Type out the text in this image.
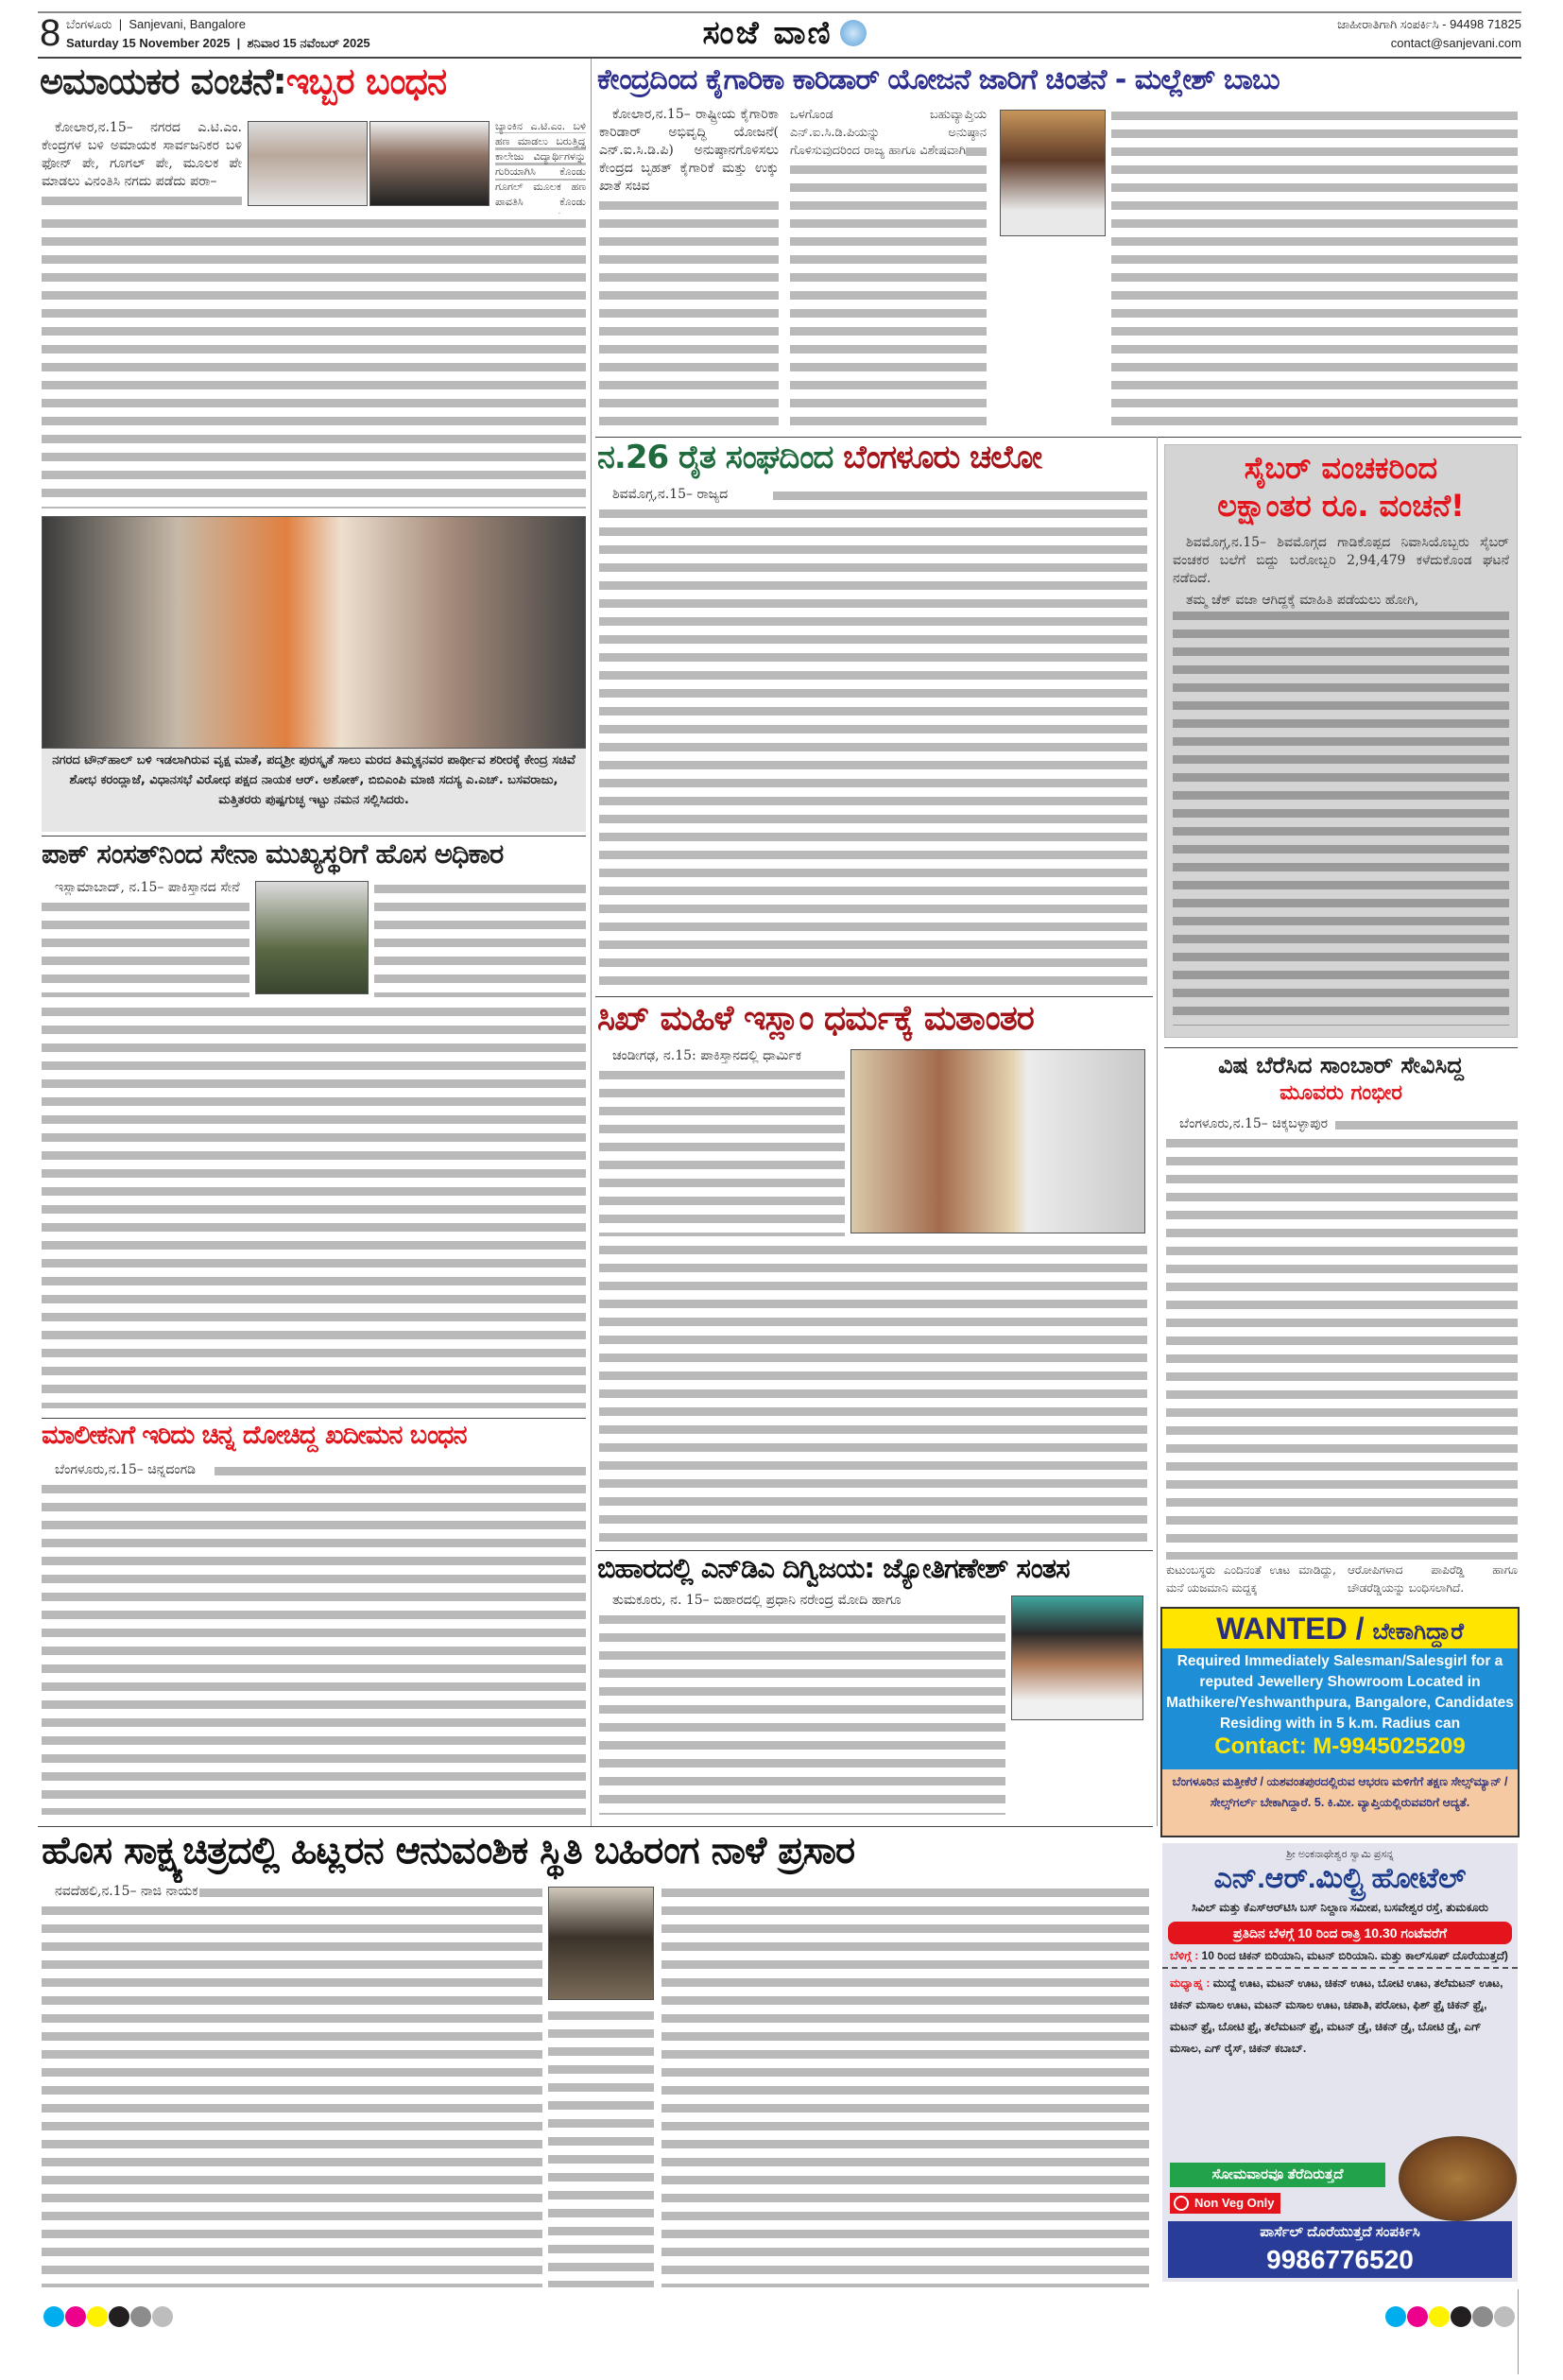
8 ಬೆಂಗಳೂರು  |  Sanjevani, Bangalore
Saturday 15 November 2025  |  ಶನಿವಾರ 15 ನವೆಂಬರ್ 2025	ಸಂಜೆ ವಾಣಿ	ಜಾಹೀರಾತಿಗಾಗಿ ಸಂಪರ್ಕಿಸಿ - 94498 71825
contact@sanjevani.com
ಅಮಾಯಕರ ವಂಚನೆ:ಇಬ್ಬರ ಬಂಧನ
ಕೋಲಾರ,ನ.15– ನಗರದ ಎ.ಟಿ.ಎಂ. ಕೇಂದ್ರಗಳ ಬಳಿ ಅಮಾಯಕ ಸಾರ್ವಜನಿಕರ ಬಳಿ ಫೋನ್ ಪೇ, ಗೂಗಲ್ ಪೇ, ಮೂಲಕ ಪೇ ಮಾಡಲು ವಿನಂತಿಸಿ ನಗದು ಪಡೆದು ಪರಾ–
ಬ್ಯಾಂಕಿನ ಎ.ಟಿ.ಎಂ. ಬಳಿ ಹಣ ಮಾಡಲು ಬರುತ್ತಿದ್ದ ಕಾಲೇಜು ವಿದ್ಯಾರ್ಥಿಗಳನ್ನು ಗುರಿಯಾಗಿಸಿ ಕೊಂಡು ಗೂಗಲ್ ಮೂಲಕ ಹಣ ಪಾವತಿಸಿ ಕೊಂಡು
ನಗರದ ಟೌನ್‌ಹಾಲ್ ಬಳಿ ಇಡಲಾಗಿರುವ ವೃಕ್ಷ ಮಾತೆ, ಪದ್ಮಶ್ರೀ ಪುರಸ್ಕೃತೆ ಸಾಲು ಮರದ ತಿಮ್ಮಕ್ಕನವರ ಪಾರ್ಥೀವ ಶರೀರಕ್ಕೆ ಕೇಂದ್ರ ಸಚಿವೆ ಶೋಭ ಕರಂದ್ಲಾಜೆ, ವಿಧಾನಸಭೆ ವಿರೋಧ ಪಕ್ಷದ ನಾಯಕ ಆರ್. ಅಶೋಕ್, ಬಿಬಿಎಂಪಿ ಮಾಜಿ ಸದಸ್ಯ ಎ.ಎಚ್. ಬಸವರಾಜು, ಮತ್ತಿತರರು ಪುಷ್ಪಗುಚ್ಛ ಇಟ್ಟು ನಮನ ಸಲ್ಲಿಸಿದರು.
ಪಾಕ್ ಸಂಸತ್‌ನಿಂದ ಸೇನಾ ಮುಖ್ಯಸ್ಥರಿಗೆ ಹೊಸ ಅಧಿಕಾರ
ಇಸ್ಲಾಮಾಬಾದ್, ನ.15– ಪಾಕಿಸ್ತಾನದ ಸೇನೆ
ಮಾಲೀಕನಿಗೆ ಇರಿದು ಚಿನ್ನ ದೋಚಿದ್ದ ಖದೀಮನ ಬಂಧನ
ಬೆಂಗಳೂರು,ನ.15– ಚಿನ್ನದಂಗಡಿ
ಕೇಂದ್ರದಿಂದ ಕೈಗಾರಿಕಾ ಕಾರಿಡಾರ್ ಯೋಜನೆ ಜಾರಿಗೆ ಚಿಂತನೆ - ಮಲ್ಲೇಶ್ ಬಾಬು
ಕೋಲಾರ,ನ.15– ರಾಷ್ಟ್ರೀಯ ಕೈಗಾರಿಕಾ ಕಾರಿಡಾರ್ ಅಭಿವೃದ್ಧಿ ಯೋಜನೆ( ಎನ್.ಐ.ಸಿ.ಡಿ.ಪಿ) ಅನುಷ್ಠಾನಗೊಳಿಸಲು ಕೇಂದ್ರದ ಬೃಹತ್ ಕೈಗಾರಿಕೆ ಮತ್ತು ಉಕ್ಕು ಖಾತೆ ಸಚಿವ
ಒಳಗೊಂಡ ಬಹುವ್ಯಾಪ್ತಿಯ ಎನ್.ಐ.ಸಿ.ಡಿ.ಪಿಯನ್ನು ಅನುಷ್ಠಾನ ಗೊಳಿಸುವುದರಿಂದ ರಾಜ್ಯ ಹಾಗೂ ವಿಶೇಷವಾಗಿ
ನ.26 ರೈತ ಸಂಘದಿಂದ ಬೆಂಗಳೂರು ಚಲೋ
ಶಿವಮೊಗ್ಗ,ನ.15– ರಾಜ್ಯದ
ಸಿಖ್ ಮಹಿಳೆ ಇಸ್ಲಾಂ ಧರ್ಮಕ್ಕೆ ಮತಾಂತರ
ಚಂಡೀಗಢ, ನ.15: ಪಾಕಿಸ್ತಾನದಲ್ಲಿ ಧಾರ್ಮಿಕ
ಬಿಹಾರದಲ್ಲಿ ಎನ್‌ಡಿಎ ದಿಗ್ವಿಜಯ: ಜ್ಯೋತಿಗಣೇಶ್ ಸಂತಸ
ತುಮಕೂರು, ನ. 15– ಬಿಹಾರದಲ್ಲಿ ಪ್ರಧಾನಿ ನರೇಂದ್ರ ಮೋದಿ ಹಾಗೂ
ಸೈಬರ್ ವಂಚಕರಿಂದ
ಲಕ್ಷಾಂತರ ರೂ. ವಂಚನೆ!
ಶಿವಮೊಗ್ಗ,ನ.15– ಶಿವಮೊಗ್ಗದ ಗಾಡಿಕೊಪ್ಪದ ನಿವಾಸಿಯೊಬ್ಬರು ಸೈಬರ್ ವಂಚಕರ ಬಲೆಗೆ ಬಿದ್ದು ಬರೋಬ್ಬರಿ 2,94,479 ಕಳೆದುಕೊಂಡ ಘಟನೆ ನಡೆದಿದೆ.
ತಮ್ಮ ಚೆಕ್ ವಜಾ ಆಗಿದ್ದಕ್ಕೆ ಮಾಹಿತಿ ಪಡೆಯಲು ಹೋಗಿ,
ವಿಷ ಬೆರೆಸಿದ ಸಾಂಬಾರ್ ಸೇವಿಸಿದ್ದ
ಮೂವರು ಗಂಭೀರ
ಬೆಂಗಳೂರು,ನ.15– ಚಿಕ್ಕಬಳ್ಳಾಪುರ
ಕುಟುಂಬಸ್ಥರು ಎಂದಿನಂತೆ ಊಟ ಮಾಡಿದ್ದು, ಮನೆ ಯಜಮಾನಿ ಮದ್ದಕ್ಕ
ಆರೋಪಿಗಳಾದ ಪಾಪಿರೆಡ್ಡಿ ಹಾಗೂ ಚೌಡರೆಡ್ಡಿಯನ್ನು ಬಂಧಿಸಲಾಗಿದೆ.
WANTED / ಬೇಕಾಗಿದ್ದಾರೆ
Required Immediately Salesman/Salesgirl for a reputed Jewellery Showroom Located in Mathikere/Yeshwanthpura, Bangalore, Candidates Residing with in 5 k.m. Radius can
Contact: M-9945025209
ಬೆಂಗಳೂರಿನ ಮತ್ತೀಕೆರೆ / ಯಶವಂತಪುರದಲ್ಲಿರುವ ಆಭರಣ ಮಳಿಗೆಗೆ ತಕ್ಷಣ ಸೇಲ್ಸ್‌ಮ್ಯಾನ್ / ಸೇಲ್ಸ್‌ಗರ್ಲ್ ಬೇಕಾಗಿದ್ದಾರೆ. 5. ಕಿ.ಮೀ. ವ್ಯಾಪ್ತಿಯಲ್ಲಿರುವವರಿಗೆ ಆದ್ಯತೆ.
ಶ್ರೀ ಅಂಕನಾಥೇಶ್ವರ ಸ್ವಾಮಿ ಪ್ರಸನ್ನ
ಎನ್.ಆರ್.ಮಿಲ್ಟ್ರಿ ಹೋಟೆಲ್
ಸಿವಿಲ್ ಮತ್ತು ಕೆಎಸ್ಆರ್‌ಟಿಸಿ ಬಸ್ ನಿಲ್ದಾಣ ಸಮೀಪ, ಬಸವೇಶ್ವರ ರಸ್ತೆ, ತುಮಕೂರು
ಪ್ರತಿದಿನ ಬೆಳಗ್ಗೆ 10 ರಿಂದ ರಾತ್ರಿ 10.30 ಗಂಟೆವರೆಗೆ
ಬೆಳಿಗ್ಗೆ : 10 ರಿಂದ ಚಿಕನ್ ಬಿರಿಯಾನಿ, ಮಟನ್ ಬಿರಿಯಾನಿ. ಮತ್ತು ಕಾಲ್‌ಸೂಪ್ ದೊರೆಯುತ್ತದೆ)
ಮಧ್ಯಾಹ್ನ : ಮುದ್ದೆ ಊಟ, ಮಟನ್ ಊಟ, ಚಿಕನ್ ಊಟ, ಬೋಟಿ ಊಟ, ತಲೆಮಟನ್ ಊಟ, ಚಿಕನ್ ಮಸಾಲ ಊಟ, ಮಟನ್ ಮಸಾಲ ಊಟ, ಚಪಾತಿ, ಪರೋಟ, ಫಿಶ್ ಫ್ರೈ ಚಿಕನ್ ಫ್ರೈ, ಮಟನ್ ಫ್ರೈ, ಬೋಟಿ ಫ್ರೈ, ತಲೆಮಟನ್ ಫ್ರೈ, ಮಟನ್ ಡ್ರೈ, ಚಿಕನ್ ಡ್ರೈ, ಬೋಟಿ ಡ್ರೈ, ಎಗ್ ಮಸಾಲ, ಎಗ್ ರೈಸ್, ಚಿಕನ್ ಕಬಾಬ್.
ಸೋಮವಾರವೂ ತೆರೆದಿರುತ್ತದೆ
Non Veg Only
ಪಾರ್ಸೆಲ್ ದೊರೆಯುತ್ತದೆ ಸಂಪರ್ಕಿಸಿ
9986776520
ಹೊಸ ಸಾಕ್ಷ್ಯಚಿತ್ರದಲ್ಲಿ ಹಿಟ್ಲರನ ಆನುವಂಶಿಕ ಸ್ಥಿತಿ ಬಹಿರಂಗ ನಾಳೆ ಪ್ರಸಾರ
ನವದೆಹಲಿ,ನ.15– ನಾಜಿ ನಾಯಕ
